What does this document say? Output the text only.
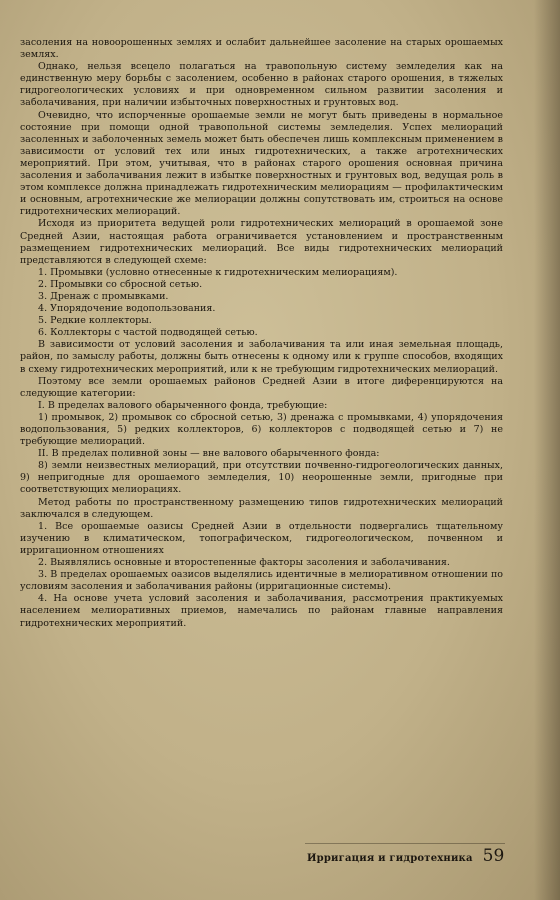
засоления на новоорошенных землях и ослабит дальнейшее засоление на старых орошаемых землях.

Однако, нельзя всецело полагаться на травопольную систему земледелия как на единственную меру борьбы с засолением, особенно в районах старого орошения, в тяжелых гидрогеологических условиях и при одновременном сильном развитии засоления и заболачивания, при наличии избыточных поверхностных и грунтовых вод.

Очевидно, что испорченные орошаемые земли не могут быть приведены в нормальное состояние при помощи одной травопольной системы земледелия. Успех мелиораций засоленных и заболоченных земель может быть обеспечен лишь комплексным применением в зависимости от условий тех или иных гидротехнических, а также агротехнических мероприятий. При этом, учитывая, что в районах старого орошения основная причина засоления и заболачивания лежит в избытке поверхностных и грунтовых вод, ведущая роль в этом комплексе должна принадлежать гидротехническим мелиорациям — профилактическим и основным, агротехнические же мелиорации должны сопутствовать им, строиться на основе гидротехнических мелиораций.

Исходя из приоритета ведущей роли гидротехнических мелиораций в орошаемой зоне Средней Азии, настоящая работа ограничивается установлением и пространственным размещением гидротехнических мелиораций. Все виды гидротехнических мелиораций представляются в следующей схеме:

1. Промывки (условно отнесенные к гидротехническим мелиорациям).

2. Промывки со сбросной сетью.

3. Дренаж с промывками.

4. Упорядочение водопользования.

5. Редкие коллекторы.

6. Коллекторы с частой подводящей сетью.

В зависимости от условий засоления и заболачивания та или иная земельная площадь, район, по замыслу работы, должны быть отнесены к одному или к группе способов, входящих в схему гидротехнических мероприятий, или к не требующим гидротехнических мелиораций.

Поэтому все земли орошаемых районов Средней Азии в итоге диференцируются на следующие категории:

I. В пределах валового обарыченного фонда, требующие:

1) промывок, 2) промывок со сбросной сетью, 3) дренажа с промывками, 4) упорядочения водопользования, 5) редких коллекторов, 6) коллекторов с подводящей сетью и 7) не требующие мелиораций.

II. В пределах поливной зоны — вне валового обарыченного фонда:

8) земли неизвестных мелиораций, при отсутствии почвенно-гидрогеологических данных, 9) непригодные для орошаемого земледелия, 10) неорошенные земли, пригодные при соответствующих мелиорациях.

Метод работы по пространственному размещению типов гидротехнических мелиораций заключался в следующем.

1. Все орошаемые оазисы Средней Азии в отдельности подвергались тщательному изучению в климатическом, топографическом, гидрогеологическом, почвенном и ирригационном отношениях

2. Выявлялись основные и второстепенные факторы засоления и заболачивания.

3. В пределах орошаемых оазисов выделялись идентичные в мелиоративном отношении по условиям засоления и заболачивания районы (ирригационные системы).

4. На основе учета условий засоления и заболачивания, рассмотрения практикуемых населением мелиоративных приемов, намечались по районам главные направления гидротехнических мероприятий.

Ирригация и гидротехника 59
